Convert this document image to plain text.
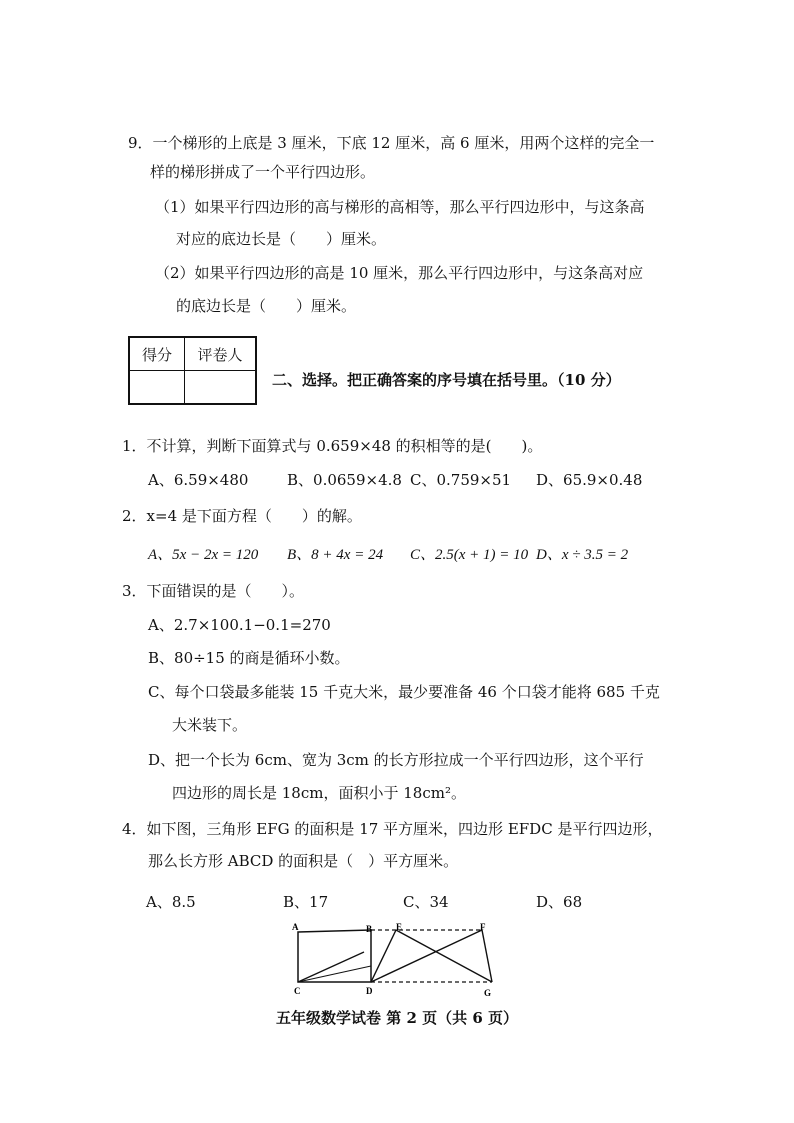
9．一个梯形的上底是 3 厘米，下底 12 厘米，高 6 厘米，用两个这样的完全一
样的梯形拼成了一个平行四边形。
（1）如果平行四边形的高与梯形的高相等，那么平行四边形中，与这条高
对应的底边长是（　　）厘米。
（2）如果平行四边形的高是 10 厘米，那么平行四边形中，与这条高对应
的底边长是（　　）厘米。
得分	评卷人

二、选择。把正确答案的序号填在括号里。（10 分）
1．不计算，判断下面算式与 0.659×48 的积相等的是(　　)。
A、6.59×480	B、0.0659×4.8 C、0.759×51 D、65.9×0.48
2．x=4 是下面方程（　　）的解。
A、5x − 2x = 120 B、8 + 4x = 24 C、2.5(x + 1) = 10 D、x ÷ 3.5 = 2
3．下面错误的是（　　）。
A、2.7×100.1−0.1=270
B、80÷15 的商是循环小数。
C、每个口袋最多能装 15 千克大米，最少要准备 46 个口袋才能将 685 千克
大米装下。
D、把一个长为 6cm、宽为 3cm 的长方形拉成一个平行四边形，这个平行
四边形的周长是 18cm，面积小于 18cm²。
4．如下图，三角形 EFG 的面积是 17 平方厘米，四边形 EFDC 是平行四边形，
那么长方形 ABCD 的面积是（　）平方厘米。
A、8.5	B、17	C、34	D、68
A	B	E	F
C	D	G
五年级数学试卷 第 2 页（共 6 页）
